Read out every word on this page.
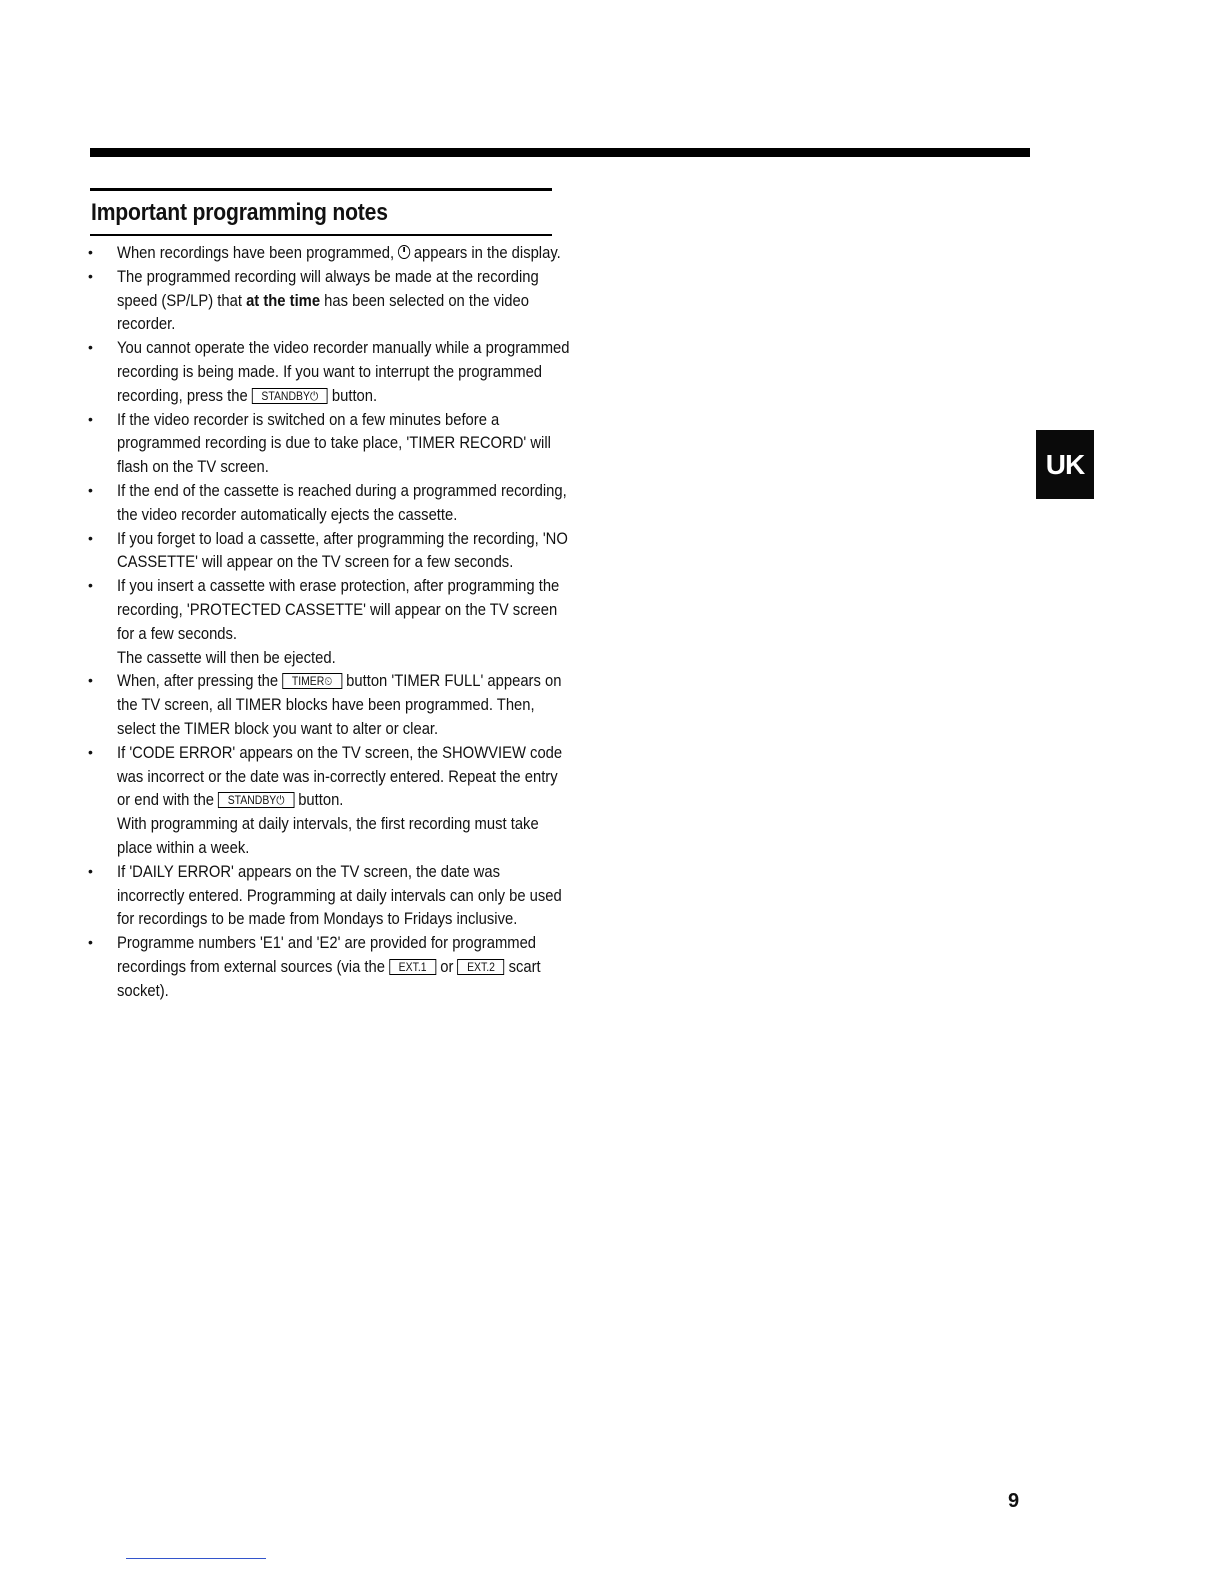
Important programming notes
• When recordings have been programmed, appears in the display.
• The programmed recording will always be made at the recording speed (SP/LP) that at the time has been selected on the video recorder.
• You cannot operate the video recorder manually while a programmed recording is being made. If you want to interrupt the programmed recording, press the STANDBY⏻ button.
• If the video recorder is switched on a few minutes before a programmed recording is due to take place, 'TIMER RECORD' will flash on the TV screen.
• If the end of the cassette is reached during a programmed recording, the video recorder automatically ejects the cassette.
• If you forget to load a cassette, after programming the recording, 'NO CASSETTE' will appear on the TV screen for a few seconds.
• If you insert a cassette with erase protection, after programming the recording, 'PROTECTED CASSETTE' will appear on the TV screen for a few seconds.
The cassette will then be ejected.
• When, after pressing the TIMER⏲ button 'TIMER FULL' appears on the TV screen, all TIMER blocks have been programmed. Then, select the TIMER block you want to alter or clear.
• If 'CODE ERROR' appears on the TV screen, the SHOWVIEW code was incorrect or the date was in-correctly entered. Repeat the entry or end with the STANDBY⏻ button.
With programming at daily intervals, the first recording must take place within a week.
• If 'DAILY ERROR' appears on the TV screen, the date was incorrectly entered. Programming at daily intervals can only be used for recordings to be made from Mondays to Fridays inclusive.
• Programme numbers 'E1' and 'E2' are provided for programmed recordings from external sources (via the EXT.1 or EXT.2 scart socket).
UK
9
